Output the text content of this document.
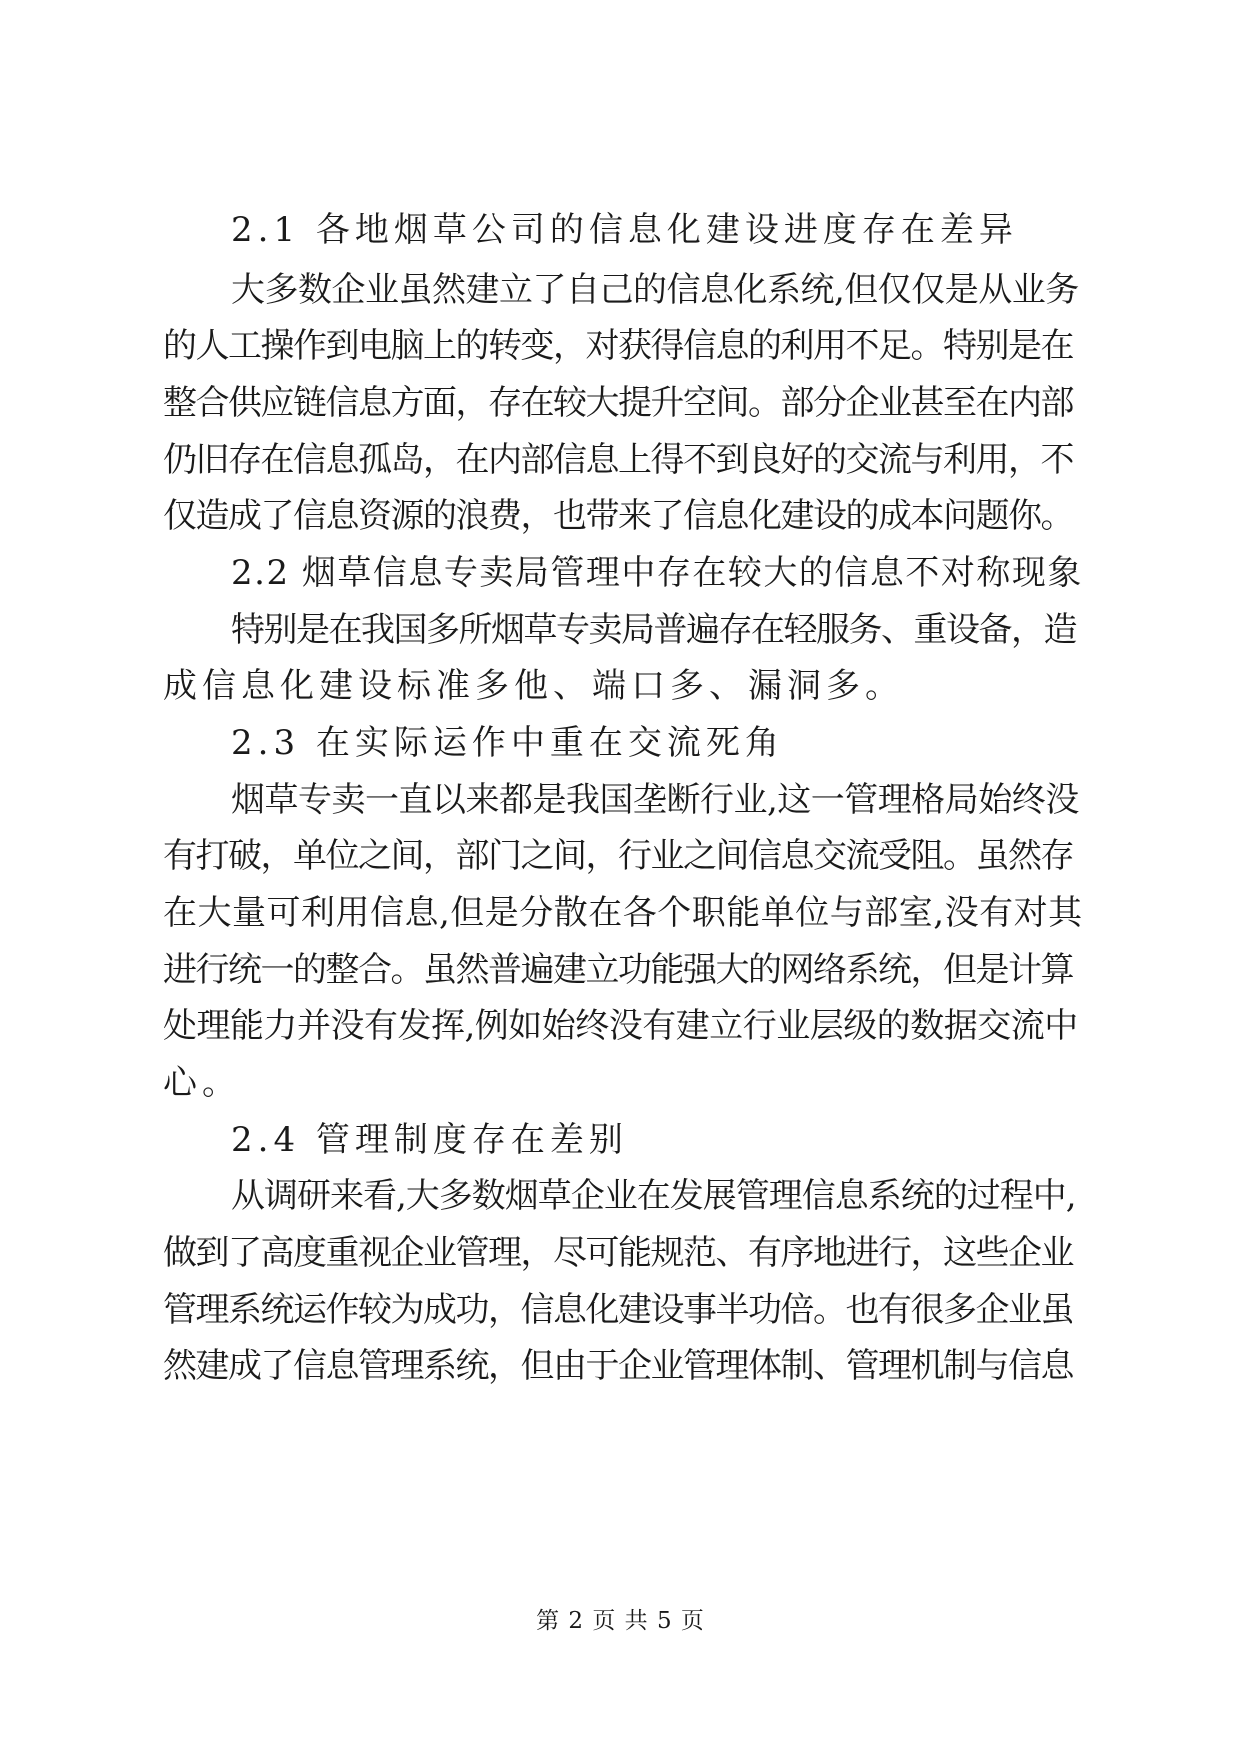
2.1 各地烟草公司的信息化建设进度存在差异
大多数企业虽然建立了自己的信息化系统,但仅仅是从业务
的人工操作到电脑上的转变，对获得信息的利用不足。特别是在
整合供应链信息方面，存在较大提升空间。部分企业甚至在内部
仍旧存在信息孤岛，在内部信息上得不到良好的交流与利用，不
仅造成了信息资源的浪费，也带来了信息化建设的成本问题你。
2.2 烟草信息专卖局管理中存在较大的信息不对称现象
特别是在我国多所烟草专卖局普遍存在轻服务、重设备，造
成信息化建设标准多他、端口多、漏洞多。
2.3 在实际运作中重在交流死角
烟草专卖一直以来都是我国垄断行业,这一管理格局始终没
有打破，单位之间，部门之间，行业之间信息交流受阻。虽然存
在大量可利用信息,但是分散在各个职能单位与部室,没有对其
进行统一的整合。虽然普遍建立功能强大的网络系统，但是计算
处理能力并没有发挥,例如始终没有建立行业层级的数据交流中
心。
2.4 管理制度存在差别
从调研来看,大多数烟草企业在发展管理信息系统的过程中,
做到了高度重视企业管理，尽可能规范、有序地进行，这些企业
管理系统运作较为成功，信息化建设事半功倍。也有很多企业虽
然建成了信息管理系统，但由于企业管理体制、管理机制与信息
第 2 页 共 5 页
